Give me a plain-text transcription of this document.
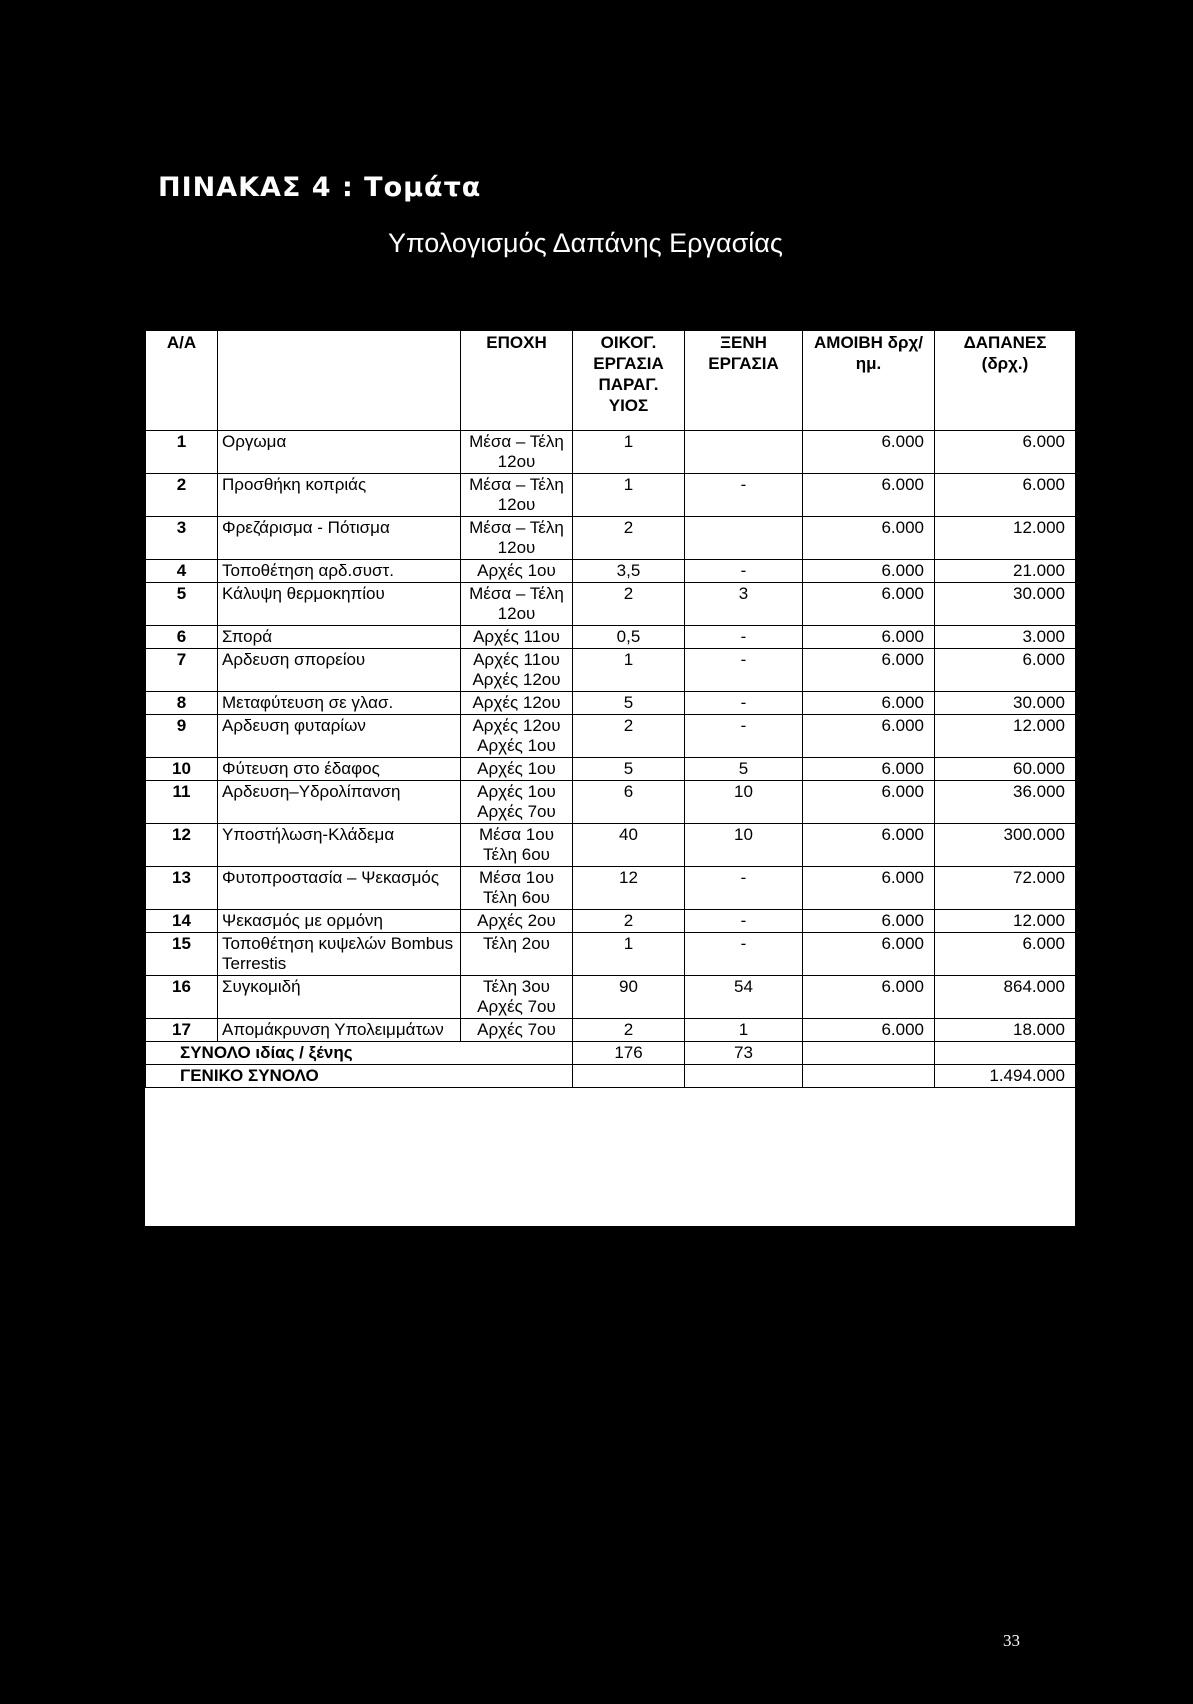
ΠΙΝΑΚΑΣ 4 : Τομάτα
Υπολογισμός Δαπάνης Εργασίας
Α/Α		ΕΠΟΧΗ	ΟΙΚΟΓ. ΕΡΓΑΣΙΑ ΠΑΡΑΓ. ΥΙΟΣ	ΞΕΝΗ ΕΡΓΑΣΙΑ	ΑΜΟΙΒΗ δρχ/ημ.	ΔΑΠΑΝΕΣ (δρχ.)
1	Οργωμα	Μέσα – Τέλη 12ου	1		6.000	6.000
2	Προσθήκη κοπριάς	Μέσα – Τέλη 12ου	1	-	6.000	6.000
3	Φρεζάρισμα - Πότισμα	Μέσα – Τέλη 12ου	2		6.000	12.000
4	Τοποθέτηση αρδ.συστ.	Αρχές 1ου	3,5	-	6.000	21.000
5	Κάλυψη θερμοκηπίου	Μέσα – Τέλη 12ου	2	3	6.000	30.000
6	Σπορά	Αρχές 11ου	0,5	-	6.000	3.000
7	Αρδευση σπορείου	Αρχές 11ου Αρχές 12ου	1	-	6.000	6.000
8	Μεταφύτευση σε γλασ.	Αρχές 12ου	5	-	6.000	30.000
9	Αρδευση φυταρίων	Αρχές 12ου Αρχές 1ου	2	-	6.000	12.000
10	Φύτευση στο έδαφος	Αρχές 1ου	5	5	6.000	60.000
11	Αρδευση–Υδρολίπανση	Αρχές 1ου Αρχές 7ου	6	10	6.000	36.000
12	Υποστήλωση-Κλάδεμα	Μέσα 1ου Τέλη 6ου	40	10	6.000	300.000
13	Φυτοπροστασία – Ψεκασμός	Μέσα 1ου Τέλη 6ου	12	-	6.000	72.000
14	Ψεκασμός με ορμόνη	Αρχές 2ου	2	-	6.000	12.000
15	Τοποθέτηση κυψελών Bombus Terrestis	Τέλη 2ου	1	-	6.000	6.000
16	Συγκομιδή	Τέλη 3ου Αρχές 7ου	90	54	6.000	864.000
17	Απομάκρυνση Υπολειμμάτων	Αρχές 7ου	2	1	6.000	18.000
ΣΥΝΟΛΟ ιδίας / ξένης			176	73		
ΓΕΝΙΚΟ ΣΥΝΟΛΟ						1.494.000
33
